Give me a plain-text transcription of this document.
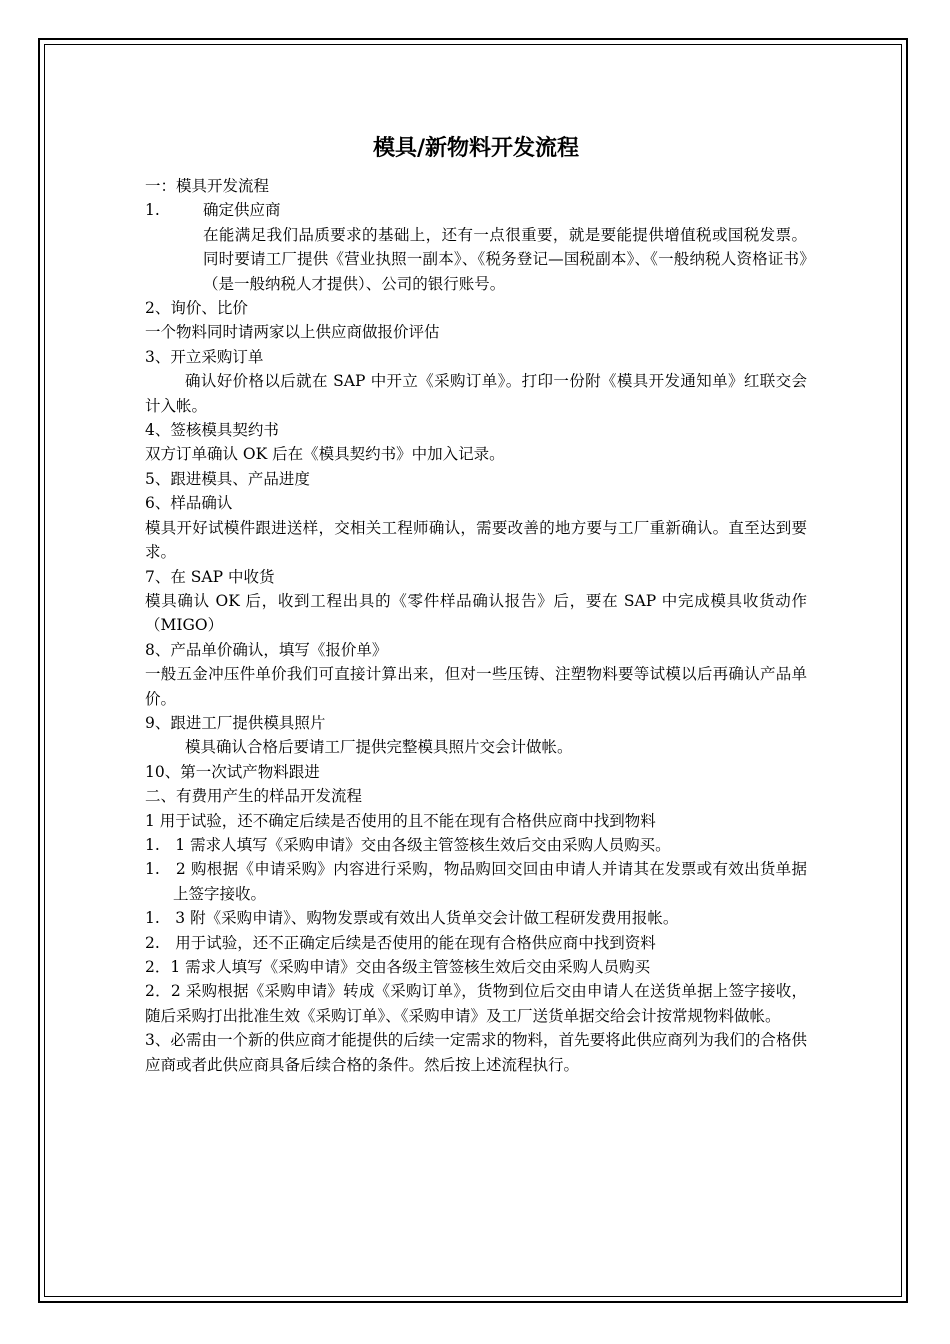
模具/新物料开发流程
一：模具开发流程
1.	确定供应商
在能满足我们品质要求的基础上，还有一点很重要，就是要能提供增值税或国税发票。同时要请工厂提供《营业执照一副本》、《税务登记—国税副本》、《一般纳税人资格证书》（是一般纳税人才提供）、公司的银行账号。
2、询价、比价
一个物料同时请两家以上供应商做报价评估
3、开立采购订单
确认好价格以后就在 SAP 中开立《采购订单》。打印一份附《模具开发通知单》红联交会计入帐。
4、签核模具契约书
双方订单确认 OK 后在《模具契约书》中加入记录。
5、跟进模具、产品进度
6、样品确认
模具开好试模件跟进送样，交相关工程师确认，需要改善的地方要与工厂重新确认。直至达到要求。
7、在 SAP 中收货
模具确认 OK 后，收到工程出具的《零件样品确认报告》后，要在 SAP 中完成模具收货动作（MIGO）
8、产品单价确认，填写《报价单》
一般五金冲压件单价我们可直接计算出来，但对一些压铸、注塑物料要等试模以后再确认产品单价。
9、跟进工厂提供模具照片
模具确认合格后要请工厂提供完整模具照片交会计做帐。
10、第一次试产物料跟进
二、有费用产生的样品开发流程
1 用于试验，还不确定后续是否使用的且不能在现有合格供应商中找到物料
1.　1 需求人填写《采购申请》交由各级主管签核生效后交由采购人员购买。
1.　2 购根据《申请采购》内容进行采购，物品购回交回由申请人并请其在发票或有效出货单据上签字接收。
1.　3 附《采购申请》、购物发票或有效出人货单交会计做工程研发费用报帐。
2.　用于试验，还不正确定后续是否使用的能在现有合格供应商中找到资料
2．1 需求人填写《采购申请》交由各级主管签核生效后交由采购人员购买
2．2 采购根据《采购申请》转成《采购订单》，货物到位后交由申请人在送货单据上签字接收，随后采购打出批准生效《采购订单》、《采购申请》及工厂送货单据交给会计按常规物料做帐。
3、必需由一个新的供应商才能提供的后续一定需求的物料，首先要将此供应商列为我们的合格供应商或者此供应商具备后续合格的条件。然后按上述流程执行。
